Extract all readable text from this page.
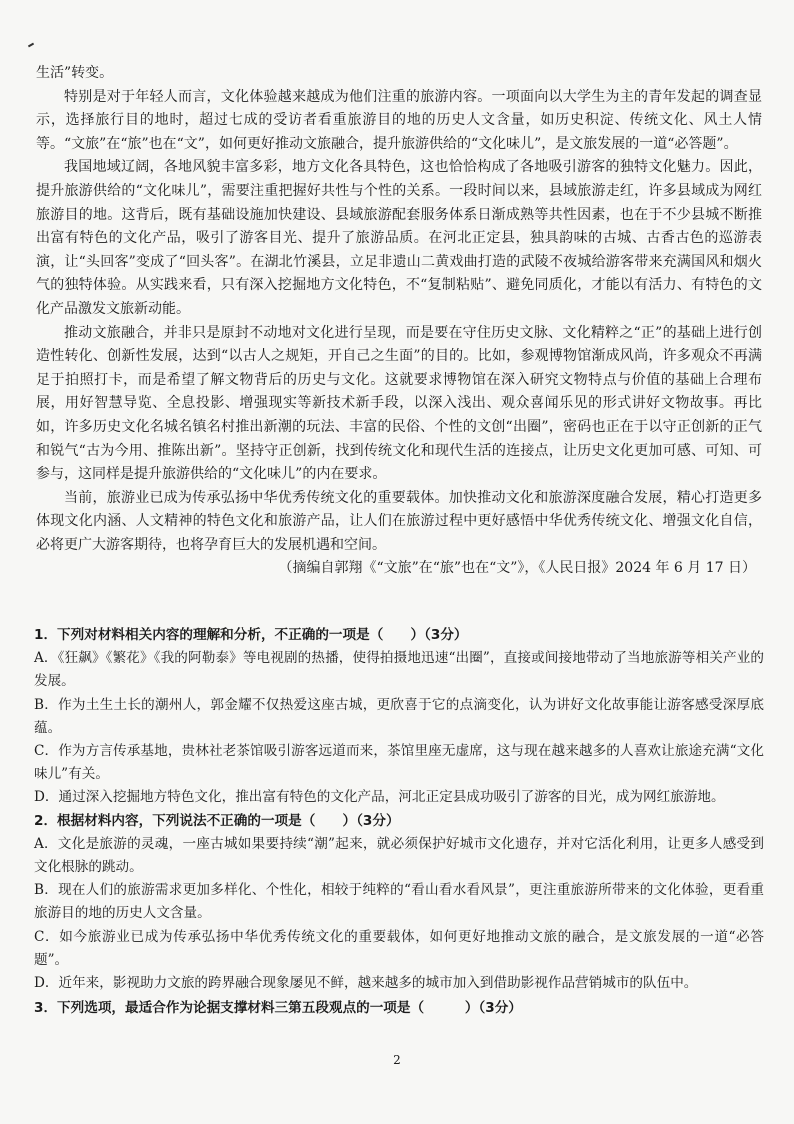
生活”转变。

特别是对于年轻人而言，文化体验越来越成为他们注重的旅游内容。一项面向以大学生为主的青年发起的调查显示，选择旅行目的地时，超过七成的受访者看重旅游目的地的历史人文含量，如历史积淀、传统文化、风土人情等。“文旅”在“旅”也在“文”，如何更好推动文旅融合，提升旅游供给的“文化味儿”，是文旅发展的一道“必答题”。

我国地域辽阔，各地风貌丰富多彩，地方文化各具特色，这也恰恰构成了各地吸引游客的独特文化魅力。因此，提升旅游供给的“文化味儿”，需要注重把握好共性与个性的关系。一段时间以来，县域旅游走红，许多县域成为网红旅游目的地。这背后，既有基础设施加快建设、县域旅游配套服务体系日渐成熟等共性因素，也在于不少县城不断推出富有特色的文化产品，吸引了游客目光、提升了旅游品质。在河北正定县，独具韵味的古城、古香古色的巡游表演，让“头回客”变成了“回头客”。在湖北竹溪县，立足非遗山二黄戏曲打造的武陵不夜城给游客带来充满国风和烟火气的独特体验。从实践来看，只有深入挖掘地方文化特色，不“复制粘贴”、避免同质化，才能以有活力、有特色的文化产品激发文旅新动能。

推动文旅融合，并非只是原封不动地对文化进行呈现，而是要在守住历史文脉、文化精粹之“正”的基础上进行创造性转化、创新性发展，达到“以古人之规矩，开自己之生面”的目的。比如，参观博物馆渐成风尚，许多观众不再满足于拍照打卡，而是希望了解文物背后的历史与文化。这就要求博物馆在深入研究文物特点与价值的基础上合理布展，用好智慧导览、全息投影、增强现实等新技术新手段，以深入浅出、观众喜闻乐见的形式讲好文物故事。再比如，许多历史文化名城名镇名村推出新潮的玩法、丰富的民俗、个性的文创“出圈”，密码也正在于以守正创新的正气和锐气“古为今用、推陈出新”。坚持守正创新，找到传统文化和现代生活的连接点，让历史文化更加可感、可知、可参与，这同样是提升旅游供给的“文化味儿”的内在要求。

当前，旅游业已成为传承弘扬中华优秀传统文化的重要载体。加快推动文化和旅游深度融合发展，精心打造更多体现文化内涵、人文精神的特色文化和旅游产品，让人们在旅游过程中更好感悟中华优秀传统文化、增强文化自信，必将更广大游客期待，也将孕育巨大的发展机遇和空间。

（摘编自郭翔《“文旅”在“旅”也在“文”》，《人民日报》2024 年 6 月 17 日）

1．下列对材料相关内容的理解和分析，不正确的一项是（　　）（3分）

A．《狂飙》《繁花》《我的阿勒泰》等电视剧的热播，使得拍摄地迅速“出圈”，直接或间接地带动了当地旅游等相关产业的发展。

B．作为土生土长的潮州人，郭金耀不仅热爱这座古城，更欣喜于它的点滴变化，认为讲好文化故事能让游客感受深厚底蕴。

C．作为方言传承基地，贵林社老茶馆吸引游客远道而来，茶馆里座无虚席，这与现在越来越多的人喜欢让旅途充满“文化味儿”有关。

D．通过深入挖掘地方特色文化，推出富有特色的文化产品，河北正定县成功吸引了游客的目光，成为网红旅游地。

2．根据材料内容，下列说法不正确的一项是（　　）（3分）

A．文化是旅游的灵魂，一座古城如果要持续“潮”起来，就必须保护好城市文化遗存，并对它活化利用，让更多人感受到文化根脉的跳动。

B．现在人们的旅游需求更加多样化、个性化，相较于纯粹的“看山看水看风景”，更注重旅游所带来的文化体验，更看重旅游目的地的历史人文含量。

C．如今旅游业已成为传承弘扬中华优秀传统文化的重要载体，如何更好地推动文旅的融合，是文旅发展的一道“必答题”。

D．近年来，影视助力文旅的跨界融合现象屡见不鲜，越来越多的城市加入到借助影视作品营销城市的队伍中。

3．下列选项，最适合作为论据支撑材料三第五段观点的一项是（　　　）（3分）

2
